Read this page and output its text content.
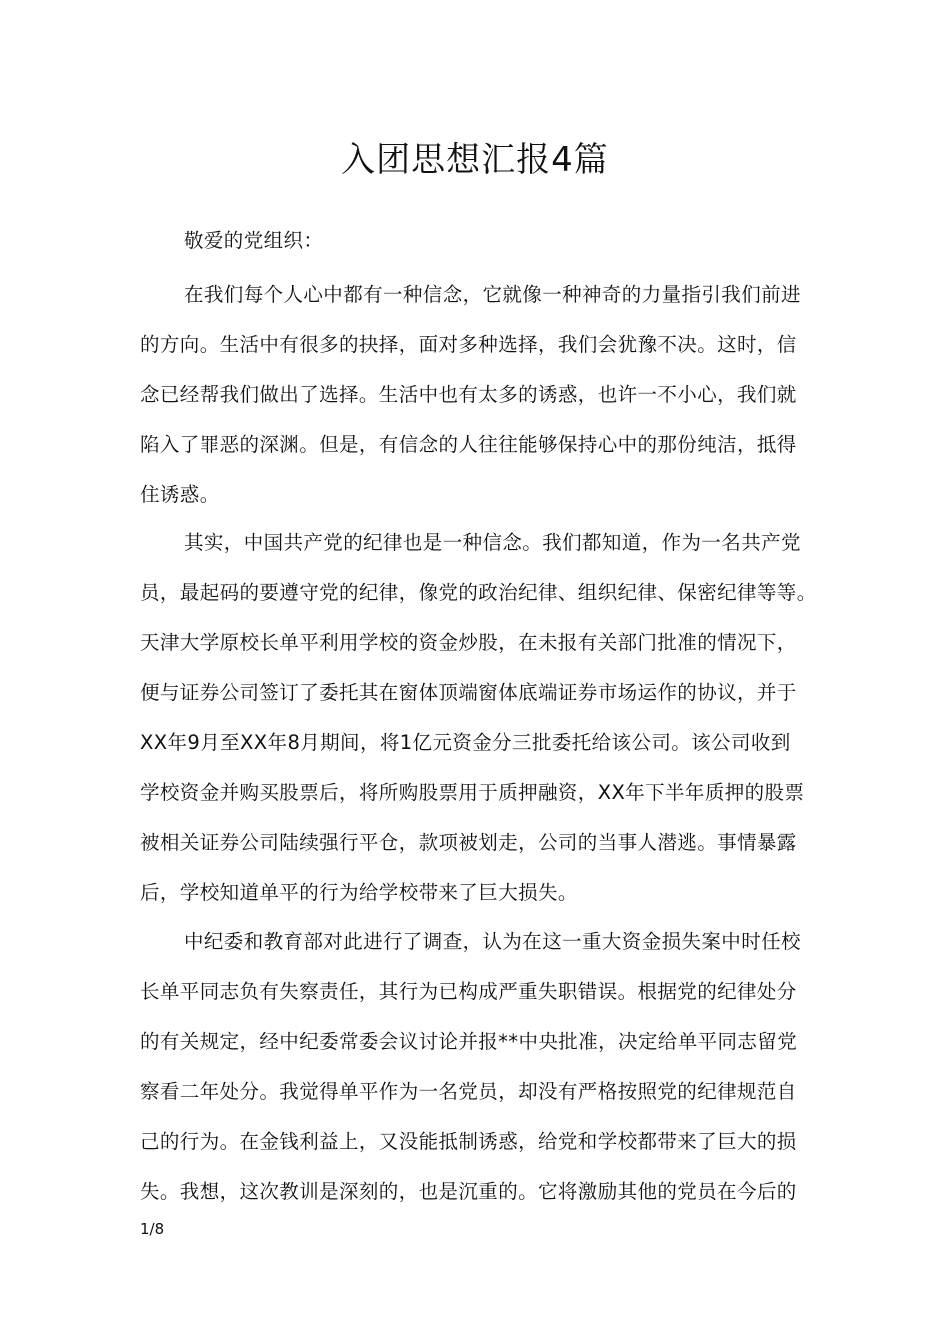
入团思想汇报4篇
敬爱的党组织：
在我们每个人心中都有一种信念，它就像一种神奇的力量指引我们前进
的方向。生活中有很多的抉择，面对多种选择，我们会犹豫不决。这时，信
念已经帮我们做出了选择。生活中也有太多的诱惑，也许一不小心，我们就
陷入了罪恶的深渊。但是，有信念的人往往能够保持心中的那份纯洁，抵得
住诱惑。
其实，中国共产党的纪律也是一种信念。我们都知道，作为一名共产党
员，最起码的要遵守党的纪律，像党的政治纪律、组织纪律、保密纪律等等。
天津大学原校长单平利用学校的资金炒股，在未报有关部门批准的情况下，
便与证券公司签订了委托其在窗体顶端窗体底端证券市场运作的协议，并于
XX年9月至XX年8月期间，将1亿元资金分三批委托给该公司。该公司收到
学校资金并购买股票后，将所购股票用于质押融资，XX年下半年质押的股票
被相关证券公司陆续强行平仓，款项被划走，公司的当事人潜逃。事情暴露
后，学校知道单平的行为给学校带来了巨大损失。
中纪委和教育部对此进行了调查，认为在这一重大资金损失案中时任校
长单平同志负有失察责任，其行为已构成严重失职错误。根据党的纪律处分
的有关规定，经中纪委常委会议讨论并报**中央批准，决定给单平同志留党
察看二年处分。我觉得单平作为一名党员，却没有严格按照党的纪律规范自
己的行为。在金钱利益上，又没能抵制诱惑，给党和学校都带来了巨大的损
失。我想，这次教训是深刻的，也是沉重的。它将激励其他的党员在今后的
1/8
